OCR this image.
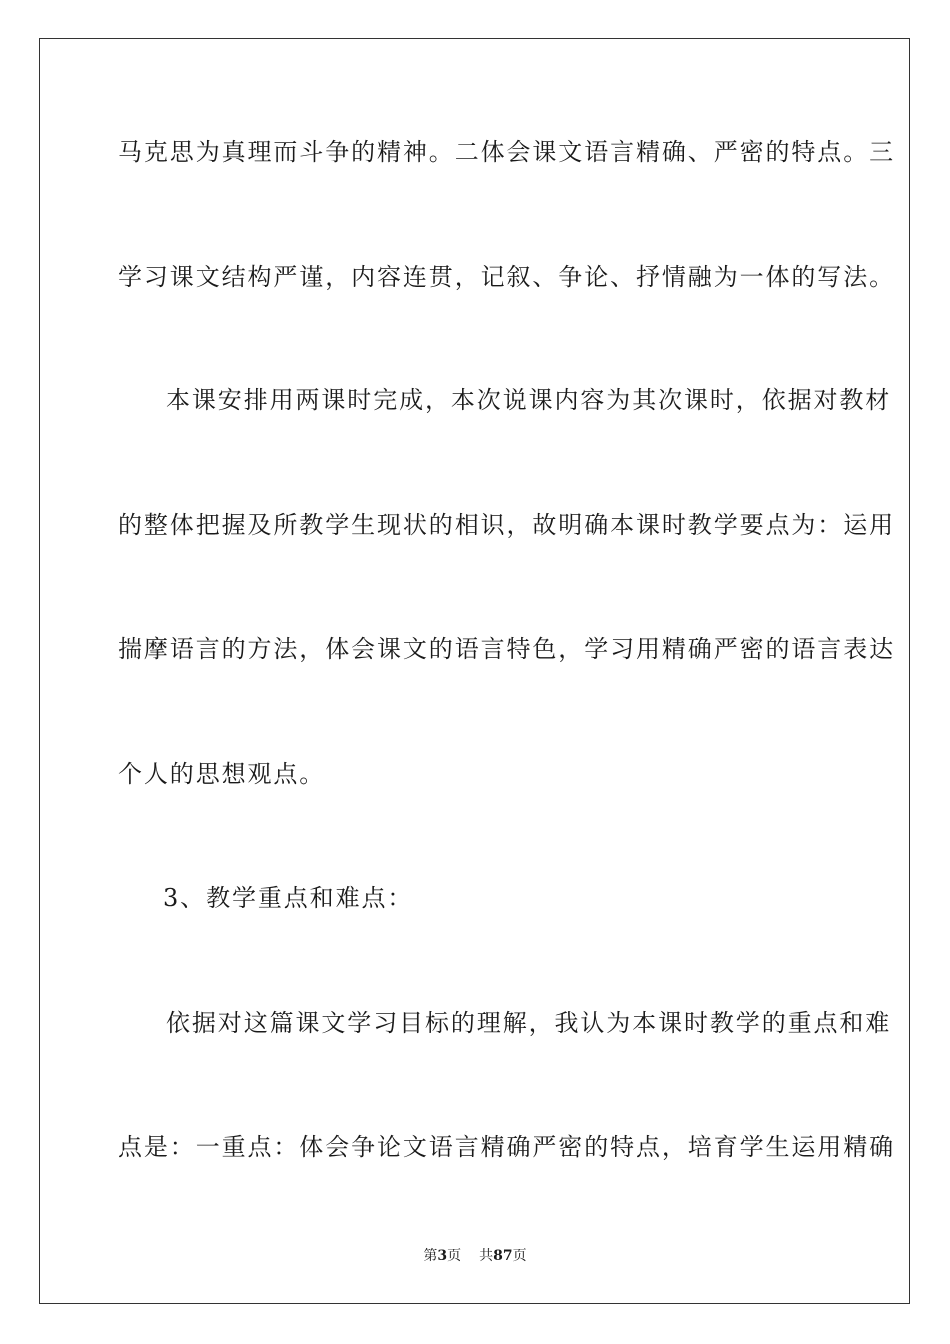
马克思为真理而斗争的精神。二体会课文语言精确、严密的特点。三
学习课文结构严谨，内容连贯，记叙、争论、抒情融为一体的写法。
本课安排用两课时完成，本次说课内容为其次课时，依据对教材
的整体把握及所教学生现状的相识，故明确本课时教学要点为：运用
揣摩语言的方法，体会课文的语言特色，学习用精确严密的语言表达
个人的思想观点。
3、教学重点和难点：
依据对这篇课文学习目标的理解，我认为本课时教学的重点和难
点是：一重点：体会争论文语言精确严密的特点，培育学生运用精确
第3页 共87页
